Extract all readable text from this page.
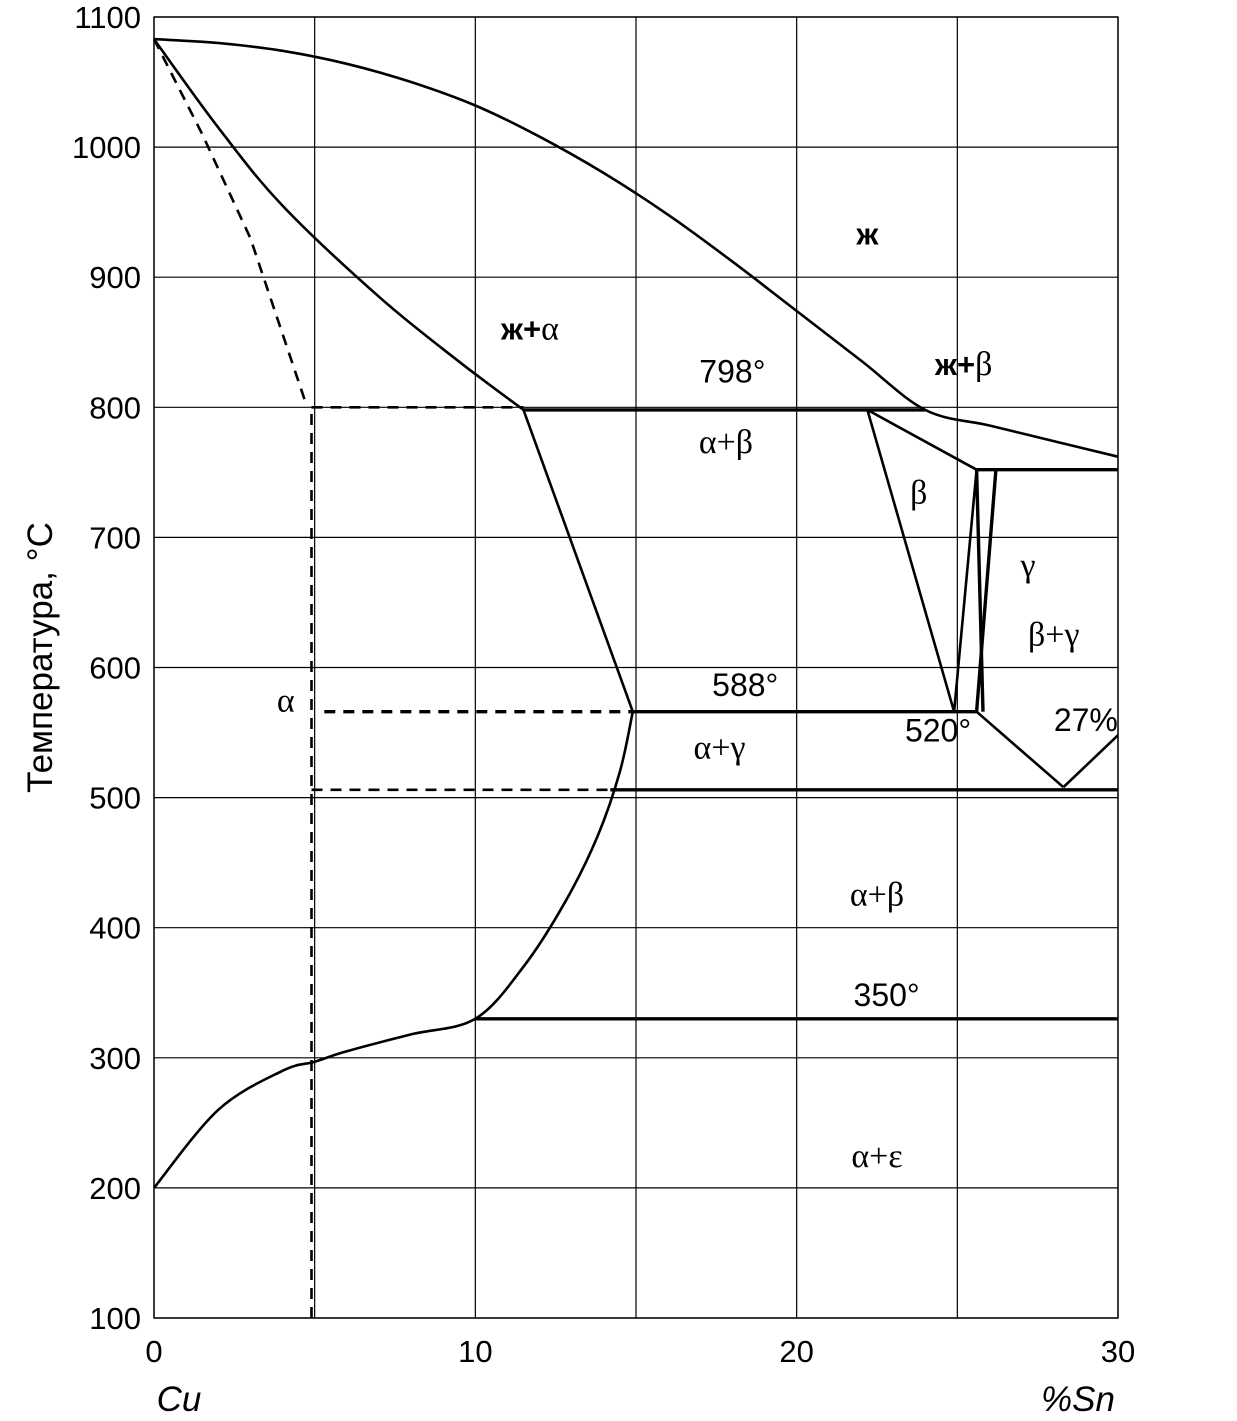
100
200
300
400
500
600
700
800
900
1000
1100
0	10	20	30
ж
ж+α
ж+β
798°
α+β
β
γ
β+γ
588°
α
520°	27%
α+γ
α+β
350°
α+ε
Температура, °С
Cu	%Sn
